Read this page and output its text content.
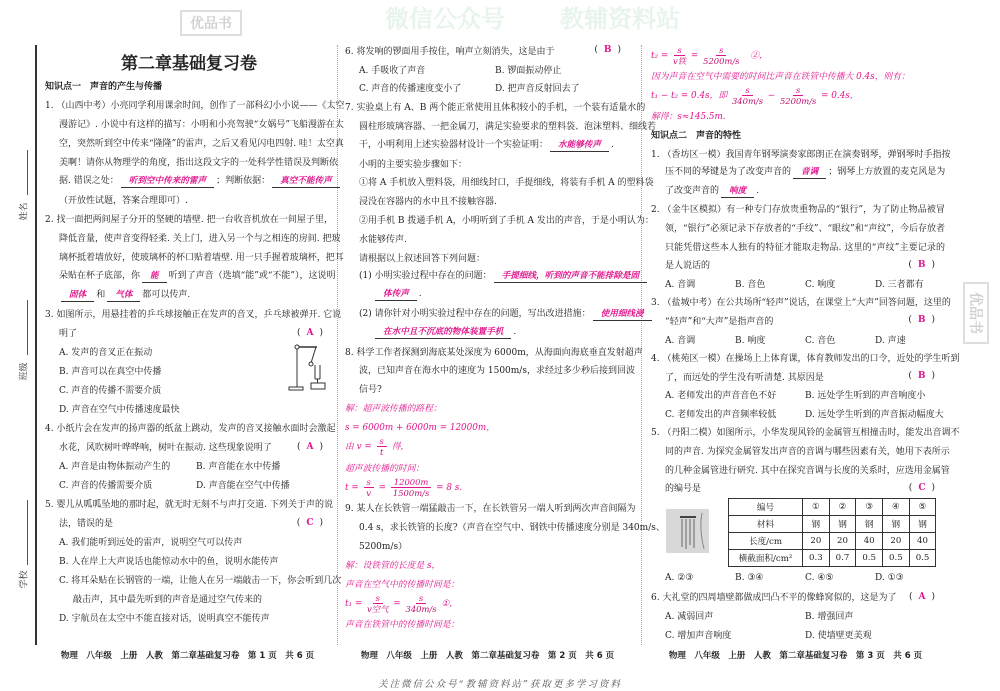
姓名
班级
学校
微信公众号 教辅资料站
优品书
优品书
第二章基础复习卷
知识点一　声音的产生与传播
1. （山西中考）小亮同学利用课余时间，创作了一部科幻小小说——《太空
漫游记》. 小说中有这样的描写：小明和小亮驾驶“女娲号”飞船漫游在太
空，突然听到空中传来“隆隆”的雷声，之后又看见闪电四射. 哇！太空真
美啊！请你从物理学的角度，指出这段文字的一处科学性错误及判断依
据. 错误之处： 听到空中传来的雷声 ；判断依据： 真空不能传声
（开放性试题，答案合理即可）.
2. 找一面把两间屋子分开的坚硬的墙壁. 把一台收音机放在一间屋子里，
降低音量，使声音变得轻柔. 关上门，进入另一个与之相连的房间. 把玻
璃杯抵着墙放好，使玻璃杯的杯口贴着墙壁. 用一只手握着玻璃杯，把耳
朵贴在杯子底部，你 能 听到了声音（选填“能”或“不能”），这说明
固体 和 气体 都可以传声.
3. 如图所示，用悬挂着的乒乓球接触正在发声的音叉，乒乓球被弹开. 它说
明了	(A)
A. 发声的音叉正在振动
B. 声音可以在真空中传播
C. 声音的传播不需要介质
D. 声音在空气中传播速度最快
4. 小纸片会在发声的扬声器的纸盆上跳动，发声的音叉接触水面时会激起
水花，风吹树叶哗哗响，树叶在振动. 这些现象说明了	(A)
A. 声音是由物体振动产生的	B. 声音能在水中传播
C. 声音的传播需要介质	D. 声音能在空气中传播
5. 婴儿从呱呱坠地的那时起，就无时无刻不与声打交道. 下列关于声的说
法，错误的是	(C)
A. 我们能听到远处的雷声，说明空气可以传声
B. 人在岸上大声说话也能惊动水中的鱼，说明水能传声
C. 将耳朵贴在长钢管的一端，让他人在另一端敲击一下，你会听到几次
敲击声，其中最先听到的声音是通过空气传来的
D. 宇航员在太空中不能直接对话，说明真空不能传声
6. 将发响的锣面用手按住，响声立刻消失，这是由于	(B)
A. 手吸收了声音	B. 锣面振动停止
C. 声音的传播速度变小了	D. 把声音反射回去了
7. 实验桌上有 A、B 两个能正常使用且体积较小的手机，一个装有适量水的
圆柱形玻璃容器、一把金属刀，满足实验要求的塑料袋、泡沫塑料、细线若
干，小明利用上述实验器材设计一个实验证明： 水能够传声 .
小明的主要实验步骤如下：
①将 A 手机放入塑料袋，用细线封口，手提细线，将装有手机 A 的塑料袋
浸没在容器内的水中且不接触容器.
②用手机 B 拨通手机 A，小明听到了手机 A 发出的声音，于是小明认为：
水能够传声.
请根据以上叙述回答下列问题：
(1) 小明实验过程中存在的问题： 手提细线，听到的声音不能排除是固
体传声 .
(2) 请你针对小明实验过程中存在的问题，写出改进措施： 使用细线浸
在水中且不沉底的物体装置手机 .
8. 科学工作者探测到海底某处深度为 6000m，从海面向海底垂直发射超声
波，已知声音在海水中的速度为 1500m/s，求经过多少秒后接到回波
信号?
解：超声波传播的路程：
s = 6000m + 6000m = 12000m，
由 $v = \frac{s}{t}$ 得，
超声波传播的时间：
$t = \frac{s}{v} = \frac{12000m}{1500m/s} = 8$ s.
9. 某人在长铁管一端猛敲击一下，在长铁管另一端人听到两次声音间隔为
0.4 s，求长铁管的长度?（声音在空气中、钢铁中传播速度分别是 340m/s、
5200m/s）
解：设铁管的长度是 s，
声音在空气中的传播时间是：
$t_1 = \frac{s}{\text{v空气}} = \frac{s}{340m/s}$ ①，
声音在铁管中的传播时间是：
$t_2 = \frac{s}{\text{v铁}} = \frac{s}{5200m/s}$ 　②，
因为声音在空气中需要的时间比声音在铁管中传播大 0.4s，则有：
t₁ − t₂ = 0.4s，即 $\frac{s}{340m/s} - \frac{s}{5200m/s} = 0.4s$，
解得：s≈145.5m.
知识点二　声音的特性
1. （香坊区一模）我国青年钢琴演奏家郎朗正在演奏钢琴，弹钢琴时手指按
压不同的琴键是为了改变声音的 音调 ；钢琴上方放置的麦克风是为
了改变声音的 响度 .
2. （金牛区模拟）有一种专门存放贵重物品的“银行”，为了防止物品被冒
领，“银行”必须记录下存放者的“手纹”、“眼纹”和“声纹”，今后存放者
只能凭借这些本人独有的特征才能取走物品. 这里的“声纹”主要记录的
是人说话的	(B)
A. 音调	B. 音色	C. 响度	D. 三者都有
3. （盐城中考）在公共场所“轻声”说话，在课堂上“大声”回答问题，这里的
“轻声”和“大声”是指声音的	(B)
A. 音调	B. 响度	C. 音色	D. 声速
4. （桃苑区一模）在操场上上体育课，体育教师发出的口令，近处的学生听到
了，而远处的学生没有听清楚. 其原因是	(B)
A. 老师发出的声音音色不好	B. 远处学生听到的声音响度小
C. 老师发出的声音频率较低	D. 远处学生听到的声音振动幅度大
5. （丹阳二模）如图所示，小华发现风铃的金属管互相撞击时，能发出音调不
同的声音. 为探究金属管发出声音的音调与哪些因素有关，她用下表所示
的几种金属管进行研究. 其中在探究音调与长度的关系时，应选用金属管
的编号是	(C)
编号	①	②	③	④	⑤
材料	钢	钢	钢	钢	钢
长度/cm	20	20	40	20	40
横截面积/cm²	0.3	0.7	0.5	0.5	0.5
A. ②③	B. ③④	C. ④⑤	D. ①③
6. 大礼堂的四周墙壁都做成凹凸不平的像蜂窝似的，这是为了 (A)
A. 减弱回声	B. 增强回声
C. 增加声音响度	D. 使墙壁更美观
物理　八年级　上册　人教　第二章基础复习卷　第 1 页　共 6 页	物理　八年级　上册　人教　第二章基础复习卷　第 2 页　共 6 页	物理　八年级　上册　人教　第二章基础复习卷　第 3 页　共 6 页
关注微信公众号“教辅资料站”获取更多学习资料
